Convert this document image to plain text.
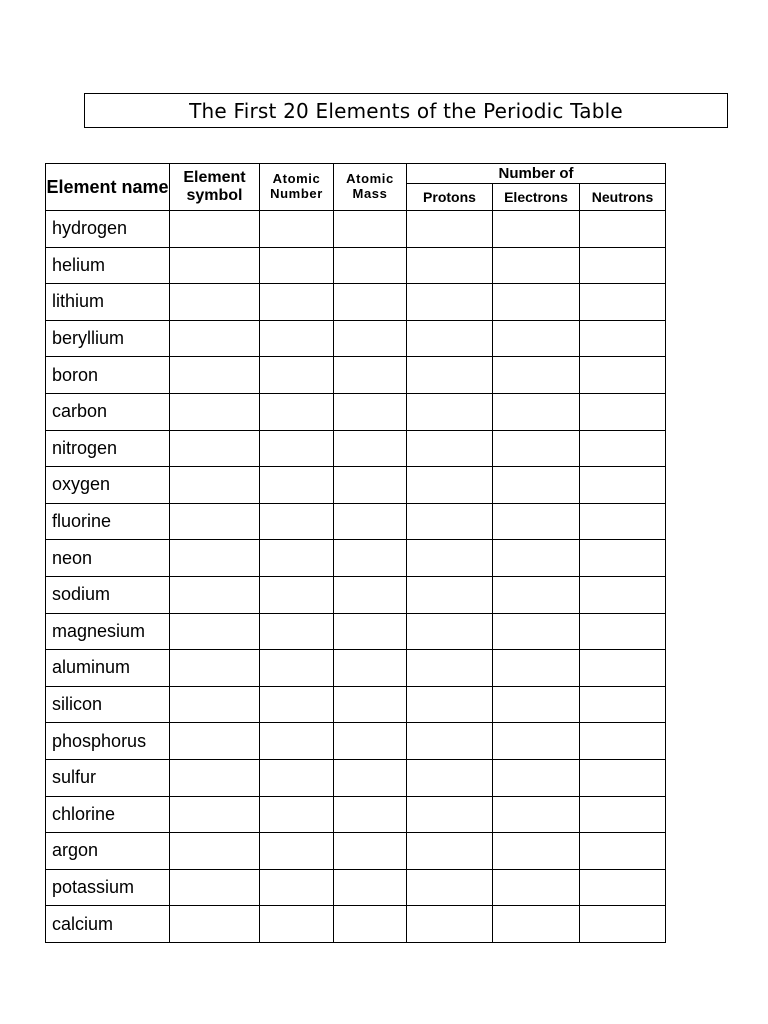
The First 20 Elements of the Periodic Table
Element name	Element symbol	Atomic Number	Atomic Mass	Number of		
				Protons	Electrons	Neutrons
hydrogen						
helium						
lithium						
beryllium						
boron						
carbon						
nitrogen						
oxygen						
fluorine						
neon						
sodium						
magnesium						
aluminum						
silicon						
phosphorus						
sulfur						
chlorine						
argon						
potassium						
calcium						
